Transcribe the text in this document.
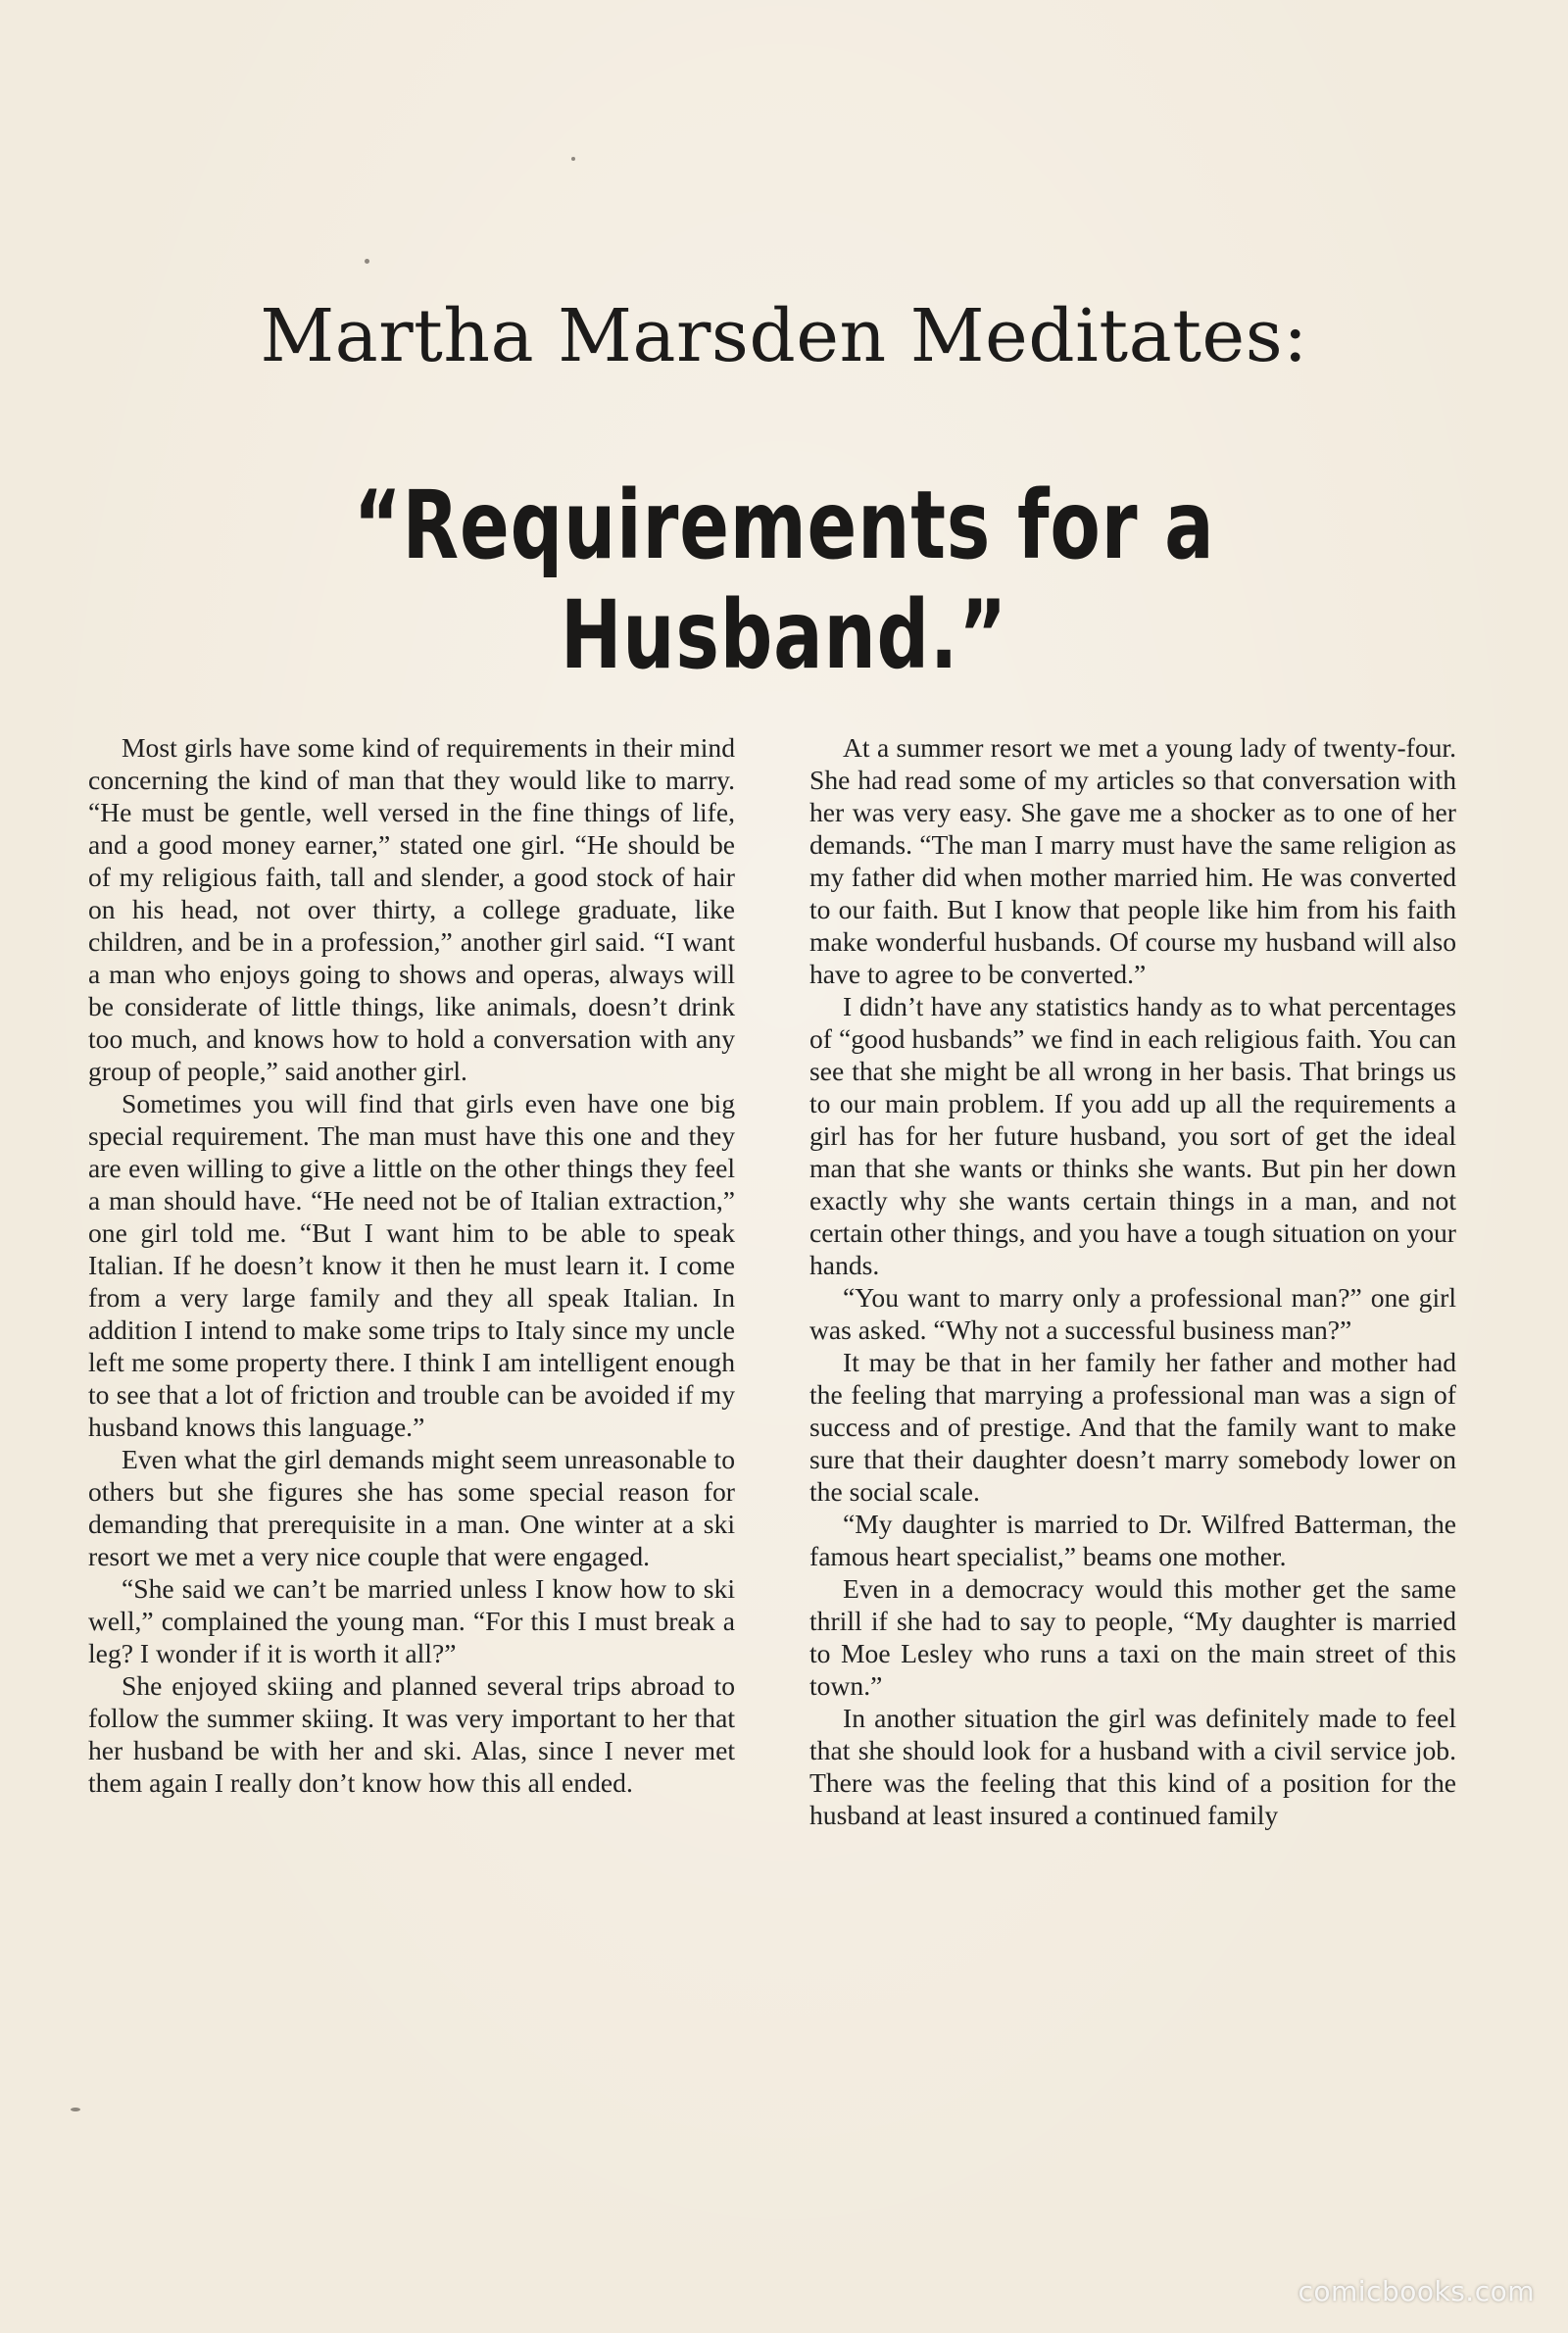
Martha Marsden Meditates:
“Requirements for a Husband.”

Most girls have some kind of requirements in their mind concerning the kind of man that they would like to marry. “He must be gentle, well versed in the fine things of life, and a good money earner,” stated one girl. “He should be of my religious faith, tall and slender, a good stock of hair on his head, not over thirty, a college graduate, like children, and be in a profession,” another girl said. “I want a man who enjoys going to shows and operas, always will be considerate of little things, like animals, doesn’t drink too much, and knows how to hold a conversation with any group of people,” said another girl.

Sometimes you will find that girls even have one big special requirement. The man must have this one and they are even willing to give a little on the other things they feel a man should have. “He need not be of Italian extraction,” one girl told me. “But I want him to be able to speak Italian. If he doesn’t know it then he must learn it. I come from a very large family and they all speak Italian. In addition I intend to make some trips to Italy since my uncle left me some property there. I think I am intelligent enough to see that a lot of friction and trouble can be avoided if my husband knows this language.”

Even what the girl demands might seem unreasonable to others but she figures she has some special reason for demanding that prerequisite in a man. One winter at a ski resort we met a very nice couple that were engaged.

“She said we can’t be married unless I know how to ski well,” complained the young man. “For this I must break a leg? I wonder if it is worth it all?”

She enjoyed skiing and planned several trips abroad to follow the summer skiing. It was very important to her that her husband be with her and ski. Alas, since I never met them again I really don’t know how this all ended.

At a summer resort we met a young lady of twenty-four. She had read some of my articles so that conversation with her was very easy. She gave me a shocker as to one of her demands. “The man I marry must have the same religion as my father did when mother married him. He was converted to our faith. But I know that people like him from his faith make wonderful husbands. Of course my husband will also have to agree to be converted.”

I didn’t have any statistics handy as to what percentages of “good husbands” we find in each religious faith. You can see that she might be all wrong in her basis. That brings us to our main problem. If you add up all the requirements a girl has for her future husband, you sort of get the ideal man that she wants or thinks she wants. But pin her down exactly why she wants certain things in a man, and not certain other things, and you have a tough situation on your hands.

“You want to marry only a professional man?” one girl was asked. “Why not a successful business man?”

It may be that in her family her father and mother had the feeling that marrying a professional man was a sign of success and of prestige. And that the family want to make sure that their daughter doesn’t marry somebody lower on the social scale.

“My daughter is married to Dr. Wilfred Batterman, the famous heart specialist,” beams one mother.

Even in a democracy would this mother get the same thrill if she had to say to people, “My daughter is married to Moe Lesley who runs a taxi on the main street of this town.”

In another situation the girl was definitely made to feel that she should look for a husband with a civil service job. There was the feeling that this kind of a position for the husband at least insured a continued family

comicbooks.com
